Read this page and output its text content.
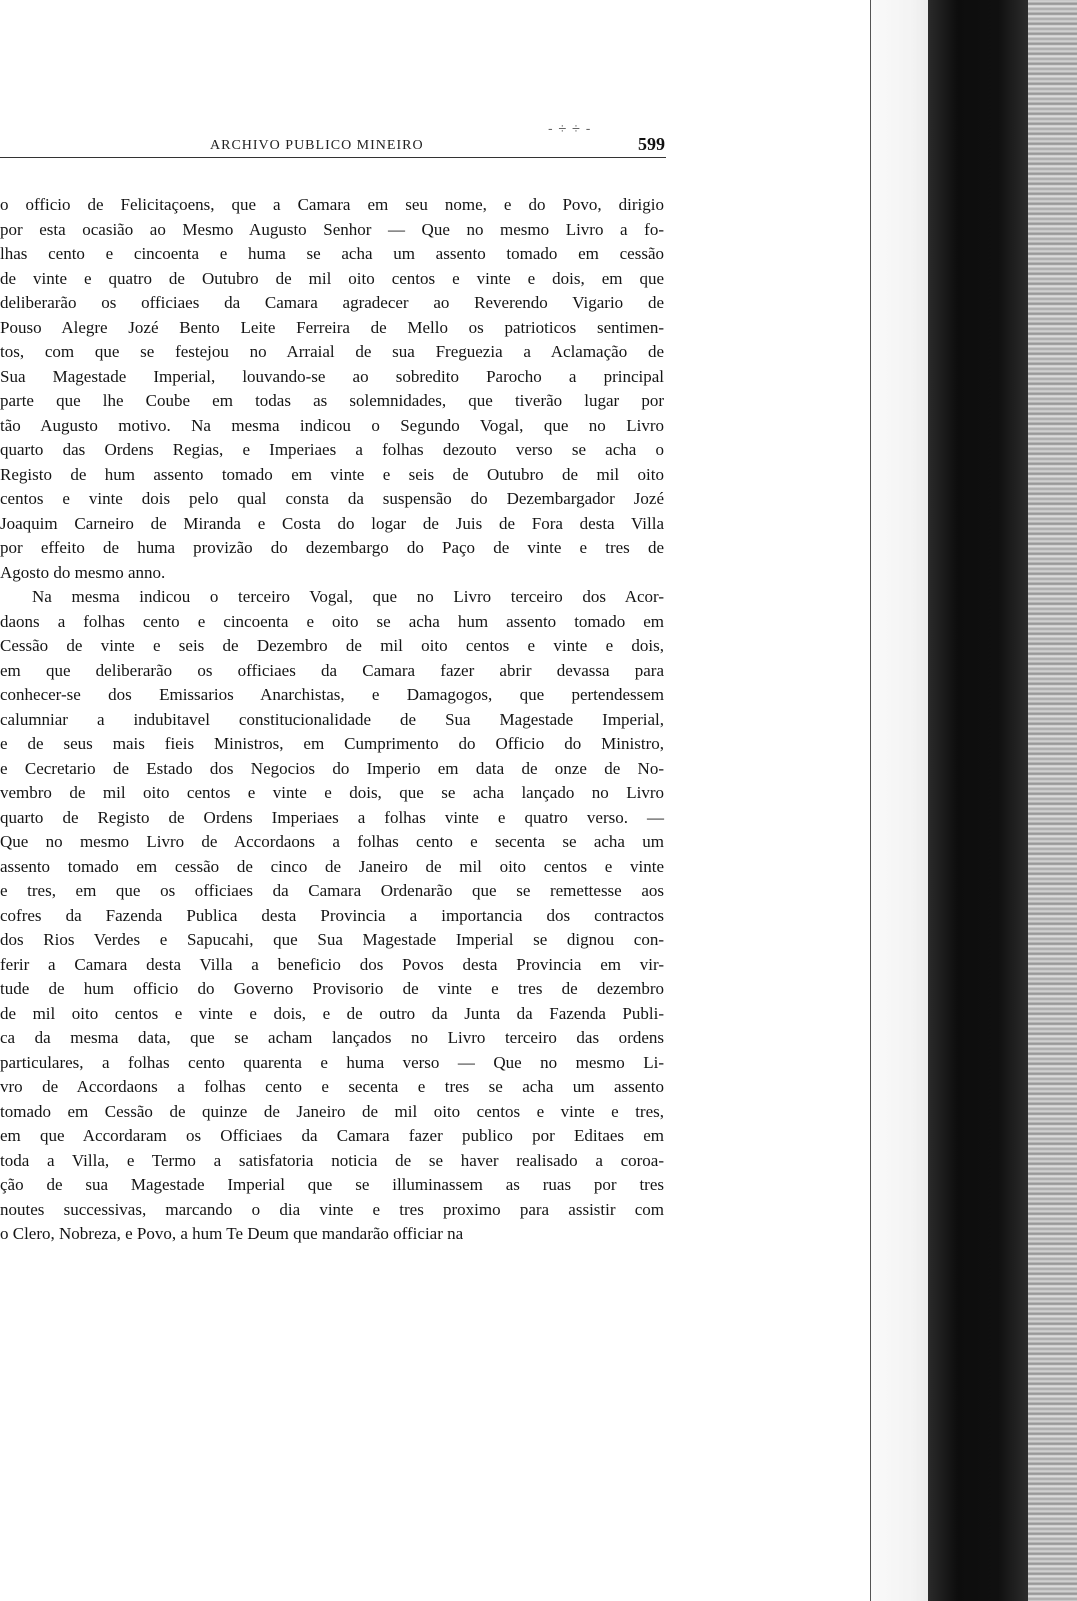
- ÷ ÷ -
ARCHIVO PUBLICO MINEIRO	599
o officio de Felicitaçoens, que a Camara em seu nome, e do Povo, dirigio
por esta ocasião ao Mesmo Augusto Senhor — Que no mesmo Livro a fo-
lhas cento e cincoenta e huma se acha um assento tomado em cessão
de vinte e quatro de Outubro de mil oito centos e vinte e dois, em que
deliberarão os officiaes da Camara agradecer ao Reverendo Vigario de
Pouso Alegre Jozé Bento Leite Ferreira de Mello os patrioticos sentimen-
tos, com que se festejou no Arraial de sua Freguezia a Aclamação de
Sua Magestade Imperial, louvando-se ao sobredito Parocho a principal
parte que lhe Coube em todas as solemnidades, que tiverão lugar por
tão Augusto motivo. Na mesma indicou o Segundo Vogal, que no Livro
quarto das Ordens Regias, e Imperiaes a folhas dezouto verso se acha o
Registo de hum assento tomado em vinte e seis de Outubro de mil oito
centos e vinte dois pelo qual consta da suspensão do Dezembargador Jozé
Joaquim Carneiro de Miranda e Costa do logar de Juis de Fora desta Villa
por effeito de huma provizão do dezembargo do Paço de vinte e tres de
Agosto do mesmo anno.
Na mesma indicou o terceiro Vogal, que no Livro terceiro dos Acor-
daons a folhas cento e cincoenta e oito se acha hum assento tomado em
Cessão de vinte e seis de Dezembro de mil oito centos e vinte e dois,
em que deliberarão os officiaes da Camara fazer abrir devassa para
conhecer-se dos Emissarios Anarchistas, e Damagogos, que pertendessem
calumniar a indubitavel constitucionalidade de Sua Magestade Imperial,
e de seus mais fieis Ministros, em Cumprimento do Officio do Ministro,
e Cecretario de Estado dos Negocios do Imperio em data de onze de No-
vembro de mil oito centos e vinte e dois, que se acha lançado no Livro
quarto de Registo de Ordens Imperiaes a folhas vinte e quatro verso. —
Que no mesmo Livro de Accordaons a folhas cento e secenta se acha um
assento tomado em cessão de cinco de Janeiro de mil oito centos e vinte
e tres, em que os officiaes da Camara Ordenarão que se remettesse aos
cofres da Fazenda Publica desta Provincia a importancia dos contractos
dos Rios Verdes e Sapucahi, que Sua Magestade Imperial se dignou con-
ferir a Camara desta Villa a beneficio dos Povos desta Provincia em vir-
tude de hum officio do Governo Provisorio de vinte e tres de dezembro
de mil oito centos e vinte e dois, e de outro da Junta da Fazenda Publi-
ca da mesma data, que se acham lançados no Livro terceiro das ordens
particulares, a folhas cento quarenta e huma verso — Que no mesmo Li-
vro de Accordaons a folhas cento e secenta e tres se acha um assento
tomado em Cessão de quinze de Janeiro de mil oito centos e vinte e tres,
em que Accordaram os Officiaes da Camara fazer publico por Editaes em
toda a Villa, e Termo a satisfatoria noticia de se haver realisado a coroa-
ção de sua Magestade Imperial que se illuminassem as ruas por tres
noutes successivas, marcando o dia vinte e tres proximo para assistir com
o Clero, Nobreza, e Povo, a hum Te Deum que mandarão officiar na
